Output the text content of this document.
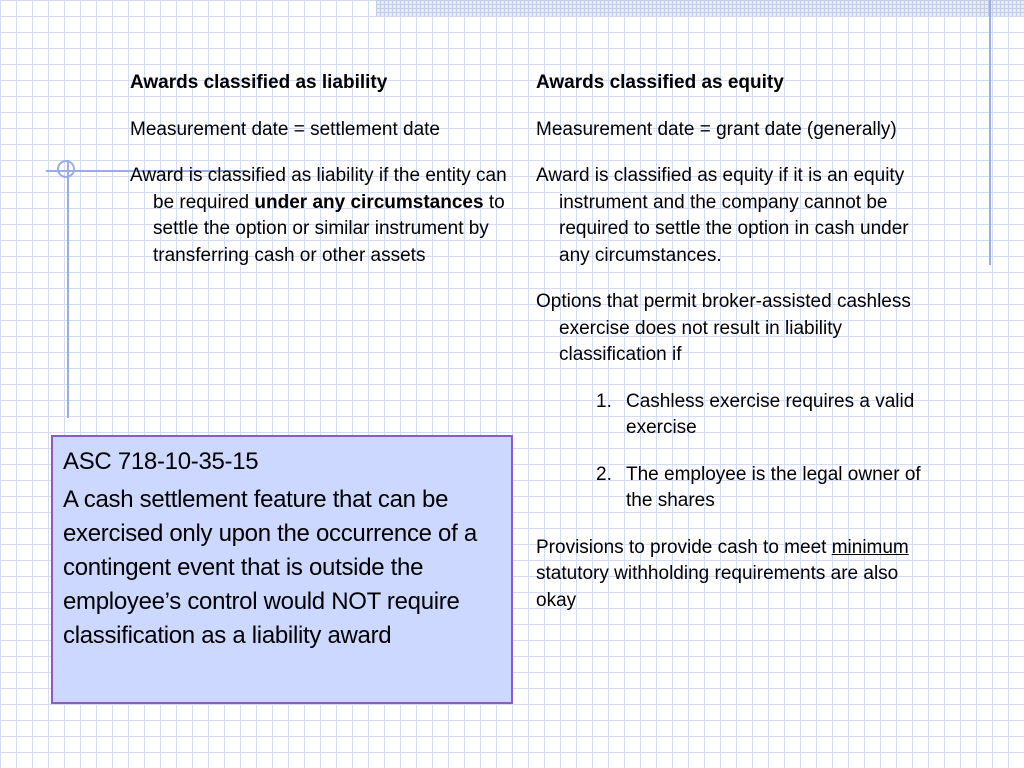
Awards classified as liability

Measurement date = settlement date

Award is classified as liability if the entity can be required under any circumstances to settle the option or similar instrument by transferring cash or other assets

Awards classified as equity

Measurement date = grant date (generally)

Award is classified as equity if it is an equity instrument and the company cannot be required to settle the option in cash under any circumstances.

Options that permit broker-assisted cashless exercise does not result in liability classification if

1. Cashless exercise requires a valid exercise
2. The employee is the legal owner of the shares

Provisions to provide cash to meet minimum statutory withholding requirements are also okay

ASC 718-10-35-15

A cash settlement feature that can be exercised only upon the occurrence of a contingent event that is outside the employee’s control would NOT require classification as a liability award
